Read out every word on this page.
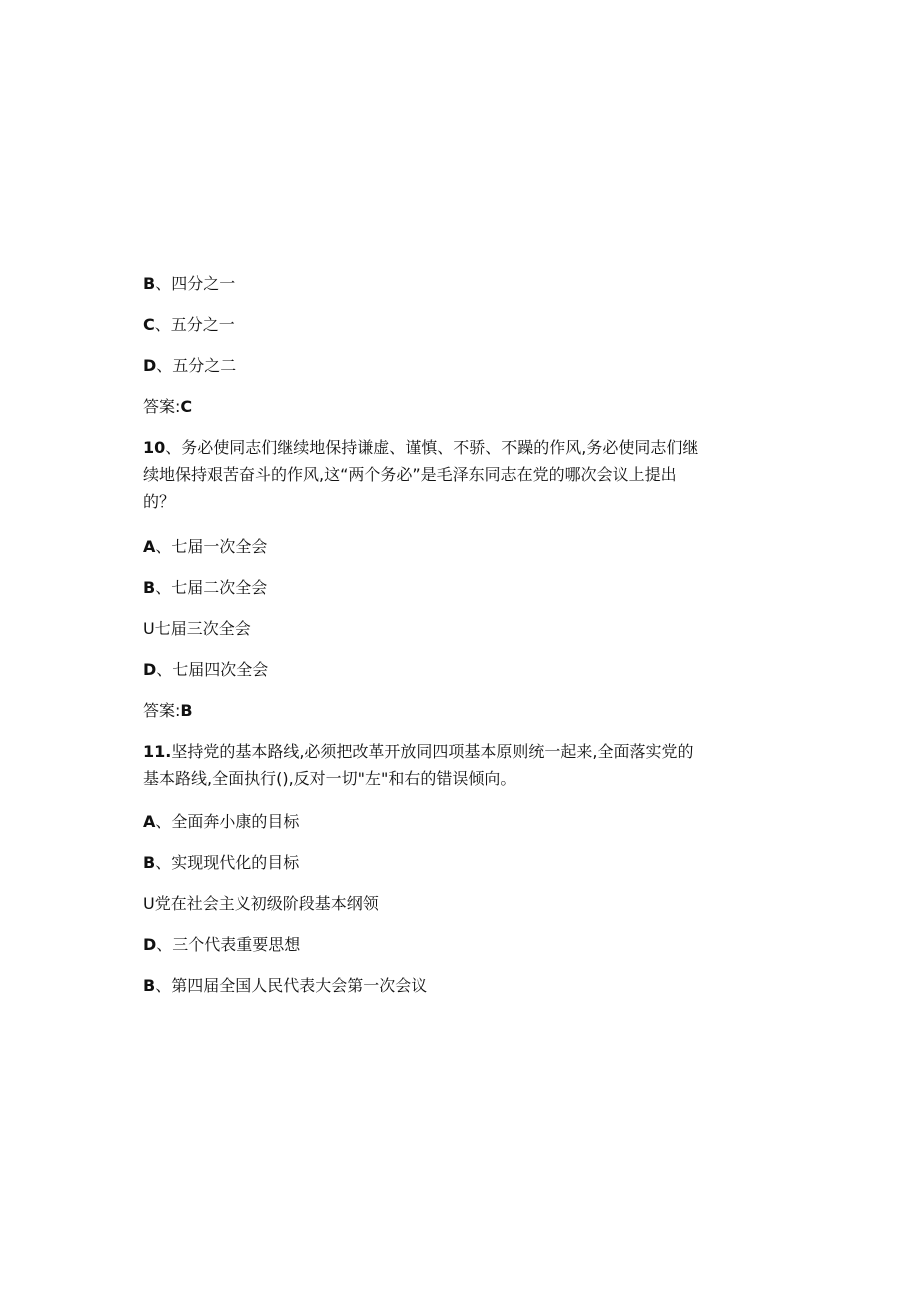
B、四分之一
C、五分之一
D、五分之二
答案:C
10、务必使同志们继续地保持谦虚、谨慎、不骄、不躁的作风,务必使同志们继续地保持艰苦奋斗的作风,这“两个务必”是毛泽东同志在党的哪次会议上提出的？
A、七届一次全会
B、七届二次全会
U七届三次全会
D、七届四次全会
答案:B
11.坚持党的基本路线,必须把改革开放同四项基本原则统一起来,全面落实党的基本路线,全面执行(),反对一切"左"和右的错误倾向。
A、全面奔小康的目标
B、实现现代化的目标
U党在社会主义初级阶段基本纲领
D、三个代表重要思想
B、第四届全国人民代表大会第一次会议
